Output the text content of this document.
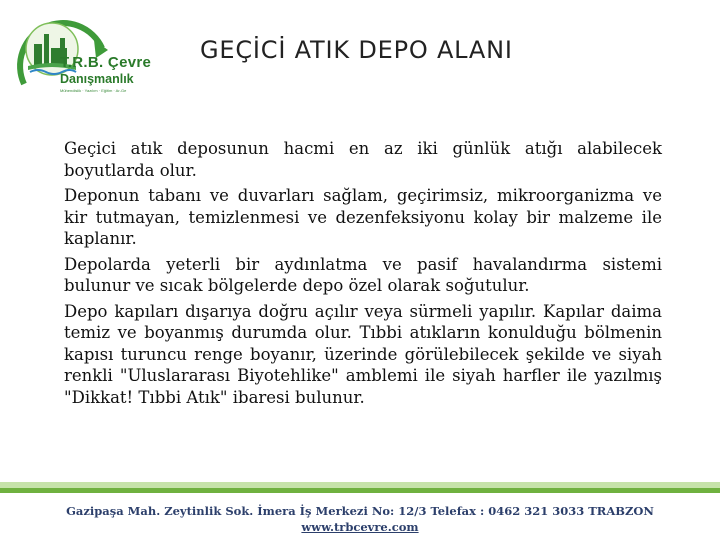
T.R.B. Çevre
Danışmanlık
Mühendislik · Yazılım · Eğitim · Ar-Ge
GEÇİCİ ATIK DEPO ALANI

Geçici atık deposunun hacmi en az iki günlük atığı alabilecek boyutlarda olur.

Deponun tabanı ve duvarları sağlam, geçirimsiz, mikroorganizma ve kir tutmayan, temizlenmesi ve dezenfeksiyonu kolay bir malzeme ile kaplanır.

Depolarda yeterli bir aydınlatma ve pasif havalandırma sistemi bulunur ve sıcak bölgelerde depo özel olarak soğutulur.

Depo kapıları dışarıya doğru açılır veya sürmeli yapılır. Kapılar daima temiz ve boyanmış durumda olur. Tıbbi atıkların konulduğu bölmenin kapısı turuncu renge boyanır, üzerinde görülebilecek şekilde ve siyah renkli "Uluslararası Biyotehlike" amblemi ile siyah harfler ile yazılmış "Dikkat! Tıbbi Atık" ibaresi bulunur.

Gazipaşa Mah. Zeytinlik Sok. İmera İş Merkezi No: 12/3 Telefax : 0462 321 3033 TRABZON
www.trbcevre.com
